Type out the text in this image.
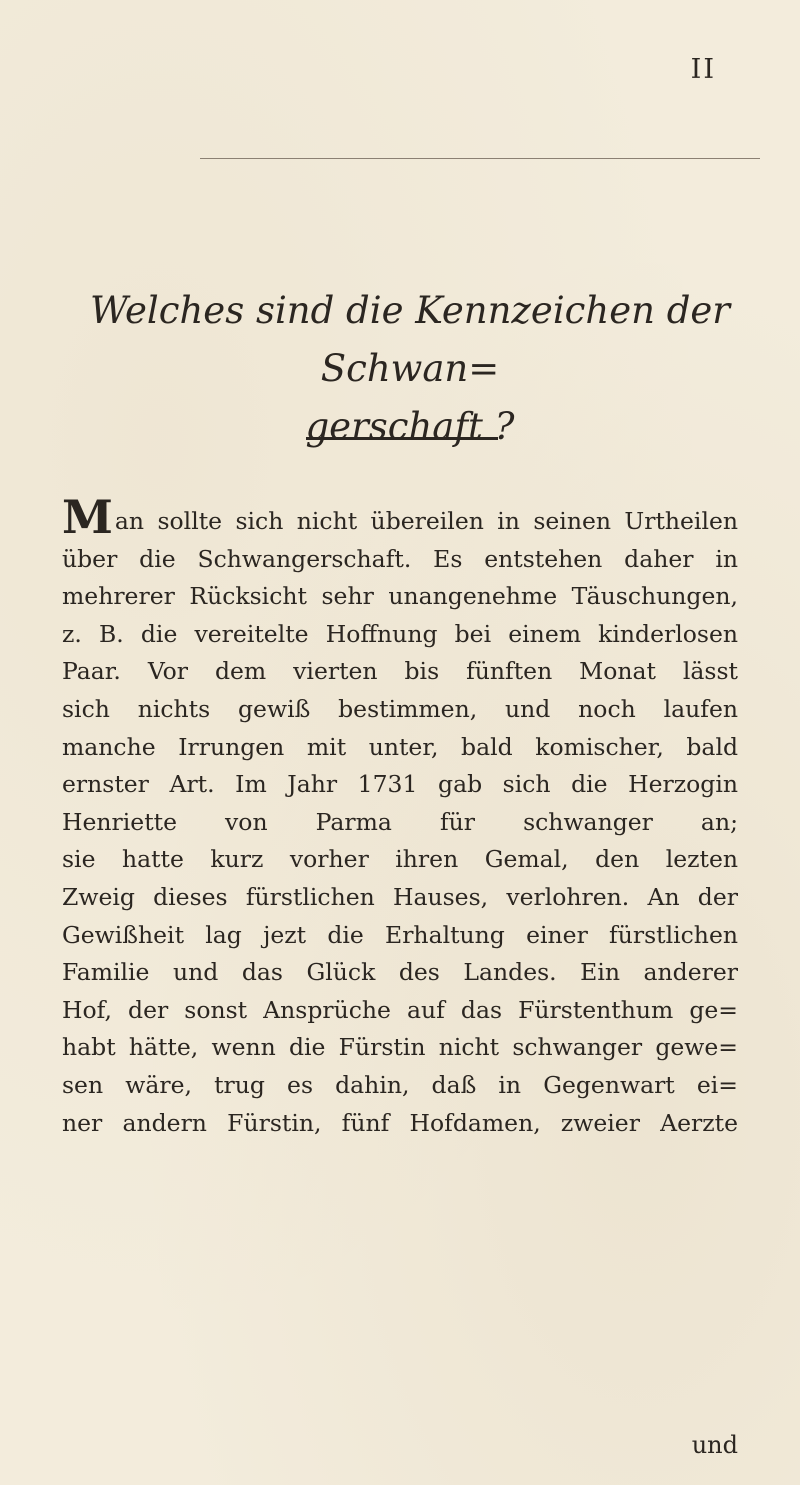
II
Welches sind die Kennzeichen der Schwan=
gerschaft ?
Man sollte sich nicht übereilen in seinen Urtheilen
über die Schwangerschaft. Es entstehen daher in
mehrerer Rücksicht sehr unangenehme Täuschungen,
z. B. die vereitelte Hoffnung bei einem kinderlosen
Paar. Vor dem vierten bis fünften Monat lässt
sich nichts gewiß bestimmen, und noch laufen
manche Irrungen mit unter, bald komischer, bald
ernster Art. Im Jahr 1731 gab sich die Herzogin
Henriette von Parma für schwanger an;
sie hatte kurz vorher ihren Gemal, den lezten
Zweig dieses fürstlichen Hauses, verlohren. An der
Gewißheit lag jezt die Erhaltung einer fürstlichen
Familie und das Glück des Landes. Ein anderer
Hof, der sonst Ansprüche auf das Fürstenthum ge=
habt hätte, wenn die Fürstin nicht schwanger gewe=
sen wäre, trug es dahin, daß in Gegenwart ei=
ner andern Fürstin, fünf Hofdamen, zweier Aerzte
und
